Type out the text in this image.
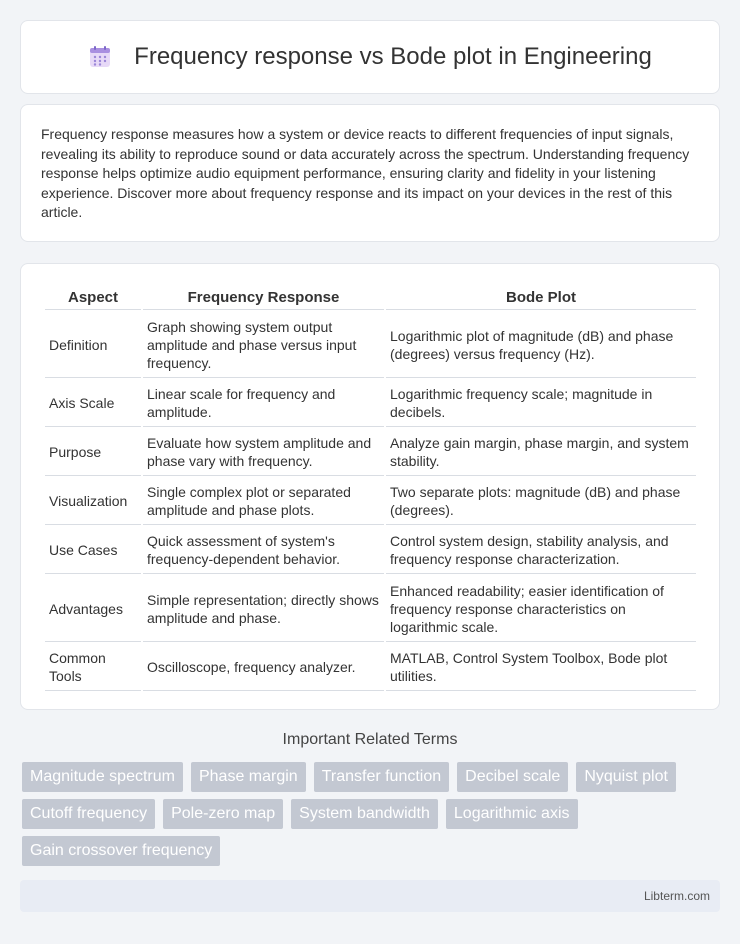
Frequency response vs Bode plot in Engineering

Frequency response measures how a system or device reacts to different frequencies of input signals, revealing its ability to reproduce sound or data accurately across the spectrum. Understanding frequency response helps optimize audio equipment performance, ensuring clarity and fidelity in your listening experience. Discover more about frequency response and its impact on your devices in the rest of this article.

Aspect	Frequency Response	Bode Plot
Definition	Graph showing system output amplitude and phase versus input frequency.	Logarithmic plot of magnitude (dB) and phase (degrees) versus frequency (Hz).
Axis Scale	Linear scale for frequency and amplitude.	Logarithmic frequency scale; magnitude in decibels.
Purpose	Evaluate how system amplitude and phase vary with frequency.	Analyze gain margin, phase margin, and system stability.
Visualization	Single complex plot or separated amplitude and phase plots.	Two separate plots: magnitude (dB) and phase (degrees).
Use Cases	Quick assessment of system's frequency-dependent behavior.	Control system design, stability analysis, and frequency response characterization.
Advantages	Simple representation; directly shows amplitude and phase.	Enhanced readability; easier identification of frequency response characteristics on logarithmic scale.
Common Tools	Oscilloscope, frequency analyzer.	MATLAB, Control System Toolbox, Bode plot utilities.
Important Related Terms
Magnitude spectrum	Phase margin	Transfer function	Decibel scale	Nyquist plot
Cutoff frequency	Pole-zero map	System bandwidth	Logarithmic axis
Gain crossover frequency
Libterm.com
